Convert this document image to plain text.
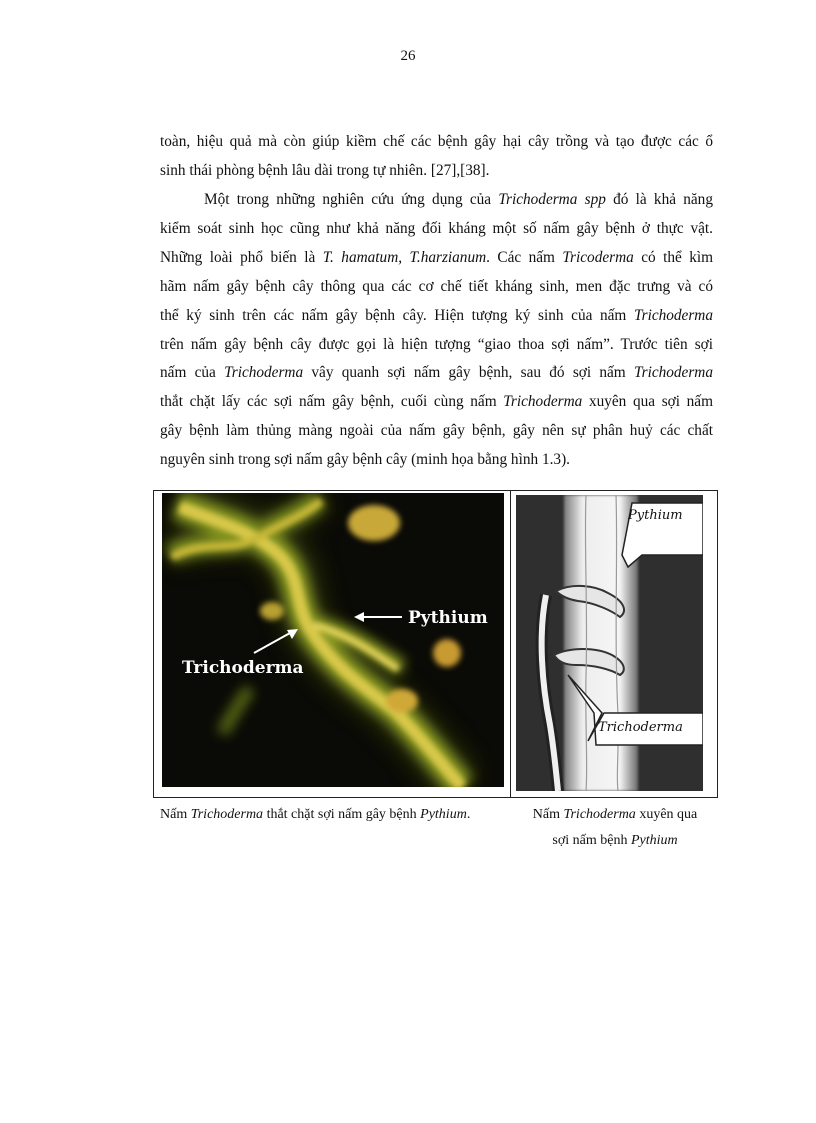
26
toàn, hiệu quả mà còn giúp kiềm chế các bệnh gây hại cây trồng và tạo được các ổ
sinh thái phòng bệnh lâu dài trong tự nhiên. [27],[38].
Một trong những nghiên cứu ứng dụng của Trichoderma spp đó là khả năng
kiểm soát sinh học cũng như khả năng đối kháng một số nấm gây bệnh ở thực vật.
Những loài phổ biến là T. hamatum, T.harzianum. Các nấm Tricoderma có thể kìm
hãm nấm gây bệnh cây thông qua các cơ chế tiết kháng sinh, men đặc trưng và có
thể ký sinh trên các nấm gây bệnh cây. Hiện tượng ký sinh của nấm Trichoderma
trên nấm gây bệnh cây được gọi là hiện tượng “giao thoa sợi nấm”. Trước tiên sợi
nấm của Trichoderma vây quanh sợi nấm gây bệnh, sau đó sợi nấm Trichoderma
thắt chặt lấy các sợi nấm gây bệnh, cuối cùng nấm Trichoderma xuyên qua sợi nấm
gây bệnh làm thủng màng ngoài của nấm gây bệnh, gây nên sự phân huỷ các chất
nguyên sinh trong sợi nấm gây bệnh cây (minh họa bằng hình 1.3).
Pythium
Trichoderma
Pythium
Trichoderma
Nấm Trichoderma thắt chặt sợi nấm gây bệnh Pythium.	Nấm Trichoderma xuyên qua
sợi nấm bệnh Pythium
